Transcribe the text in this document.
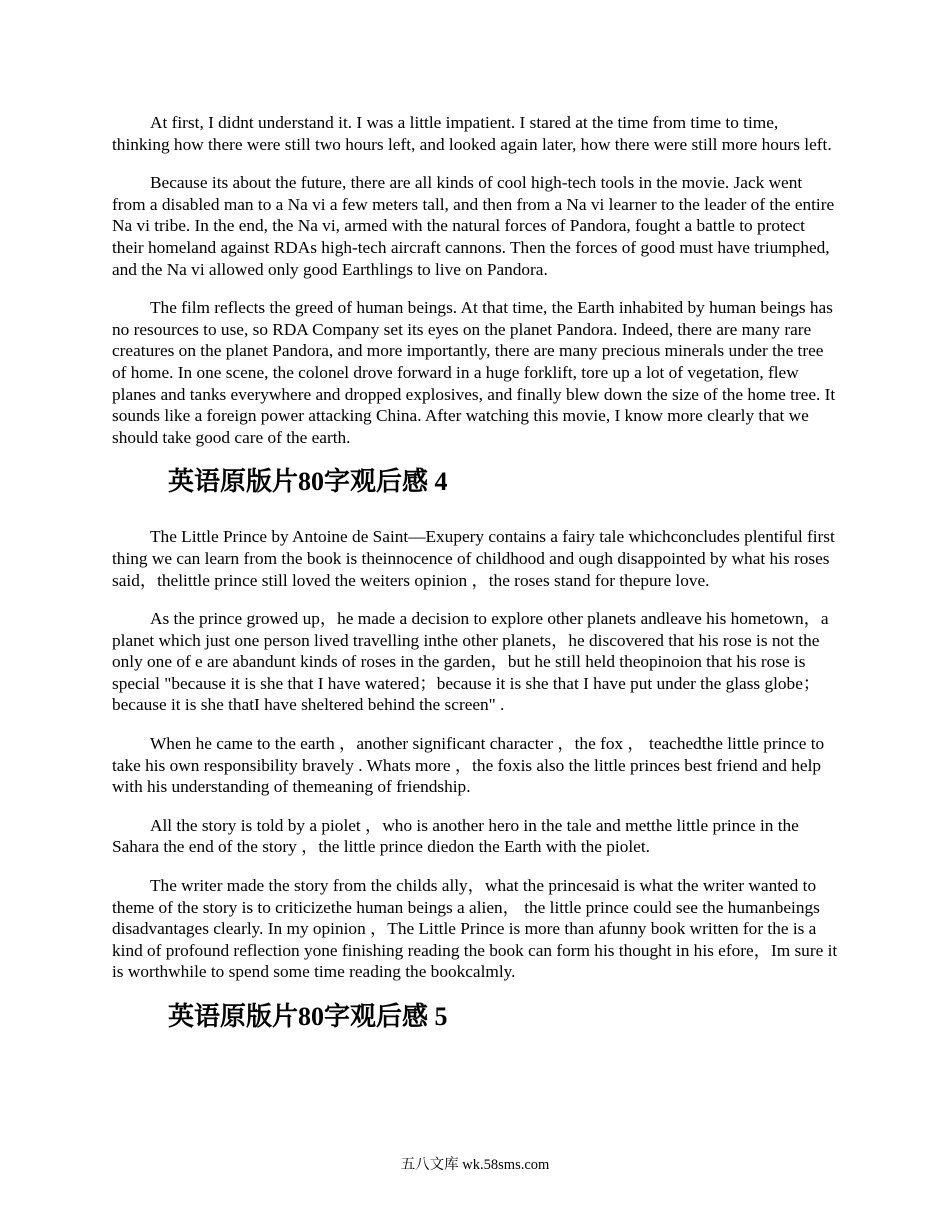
At first, I didnt understand it. I was a little impatient. I stared at the time from time to time, thinking how there were still two hours left, and looked again later, how there were still more hours left.

Because its about the future, there are all kinds of cool high-tech tools in the movie. Jack went from a disabled man to a Na vi a few meters tall, and then from a Na vi learner to the leader of the entire Na vi tribe. In the end, the Na vi, armed with the natural forces of Pandora, fought a battle to protect their homeland against RDAs high-tech aircraft cannons. Then the forces of good must have triumphed, and the Na vi allowed only good Earthlings to live on Pandora.

The film reflects the greed of human beings. At that time, the Earth inhabited by human beings has no resources to use, so RDA Company set its eyes on the planet Pandora. Indeed, there are many rare creatures on the planet Pandora, and more importantly, there are many precious minerals under the tree of home. In one scene, the colonel drove forward in a huge forklift, tore up a lot of vegetation, flew planes and tanks everywhere and dropped explosives, and finally blew down the size of the home tree. It sounds like a foreign power attacking China. After watching this movie, I know more clearly that we should take good care of the earth.

英语原版片80字观后感 4

The Little Prince by Antoine de Saint—Exupery contains a fairy tale whichconcludes plentiful first thing we can learn from the book is theinnocence of childhood and ough disappointed by what his roses said，thelittle prince still loved the weiters opinion ，the roses stand for thepure love.

As the prince growed up，he made a decision to explore other planets andleave his hometown，a planet which just one person lived travelling inthe other planets，he discovered that his rose is not the only one of e are abandunt kinds of roses in the garden，but he still held theopinoion that his rose is special "because it is she that I have watered；because it is she that I have put under the glass globe； because it is she thatI have sheltered behind the screen" .

When he came to the earth ，another significant character ，the fox ， teachedthe little prince to take his own responsibility bravely . Whats more ，the foxis also the little princes best friend and help with his understanding of themeaning of friendship.

All the story is told by a piolet ，who is another hero in the tale and metthe little prince in the Sahara the end of the story ，the little prince diedon the Earth with the piolet.

The writer made the story from the childs ally，what the princesaid is what the writer wanted to theme of the story is to criticizethe human beings a alien， the little prince could see the humanbeings disadvantages clearly. In my opinion ，The Little Prince is more than afunny book written for the is a kind of profound reflection yone finishing reading the book can form his thought in his efore，Im sure it is worthwhile to spend some time reading the bookcalmly.

英语原版片80字观后感 5
五八文库 wk.58sms.com
